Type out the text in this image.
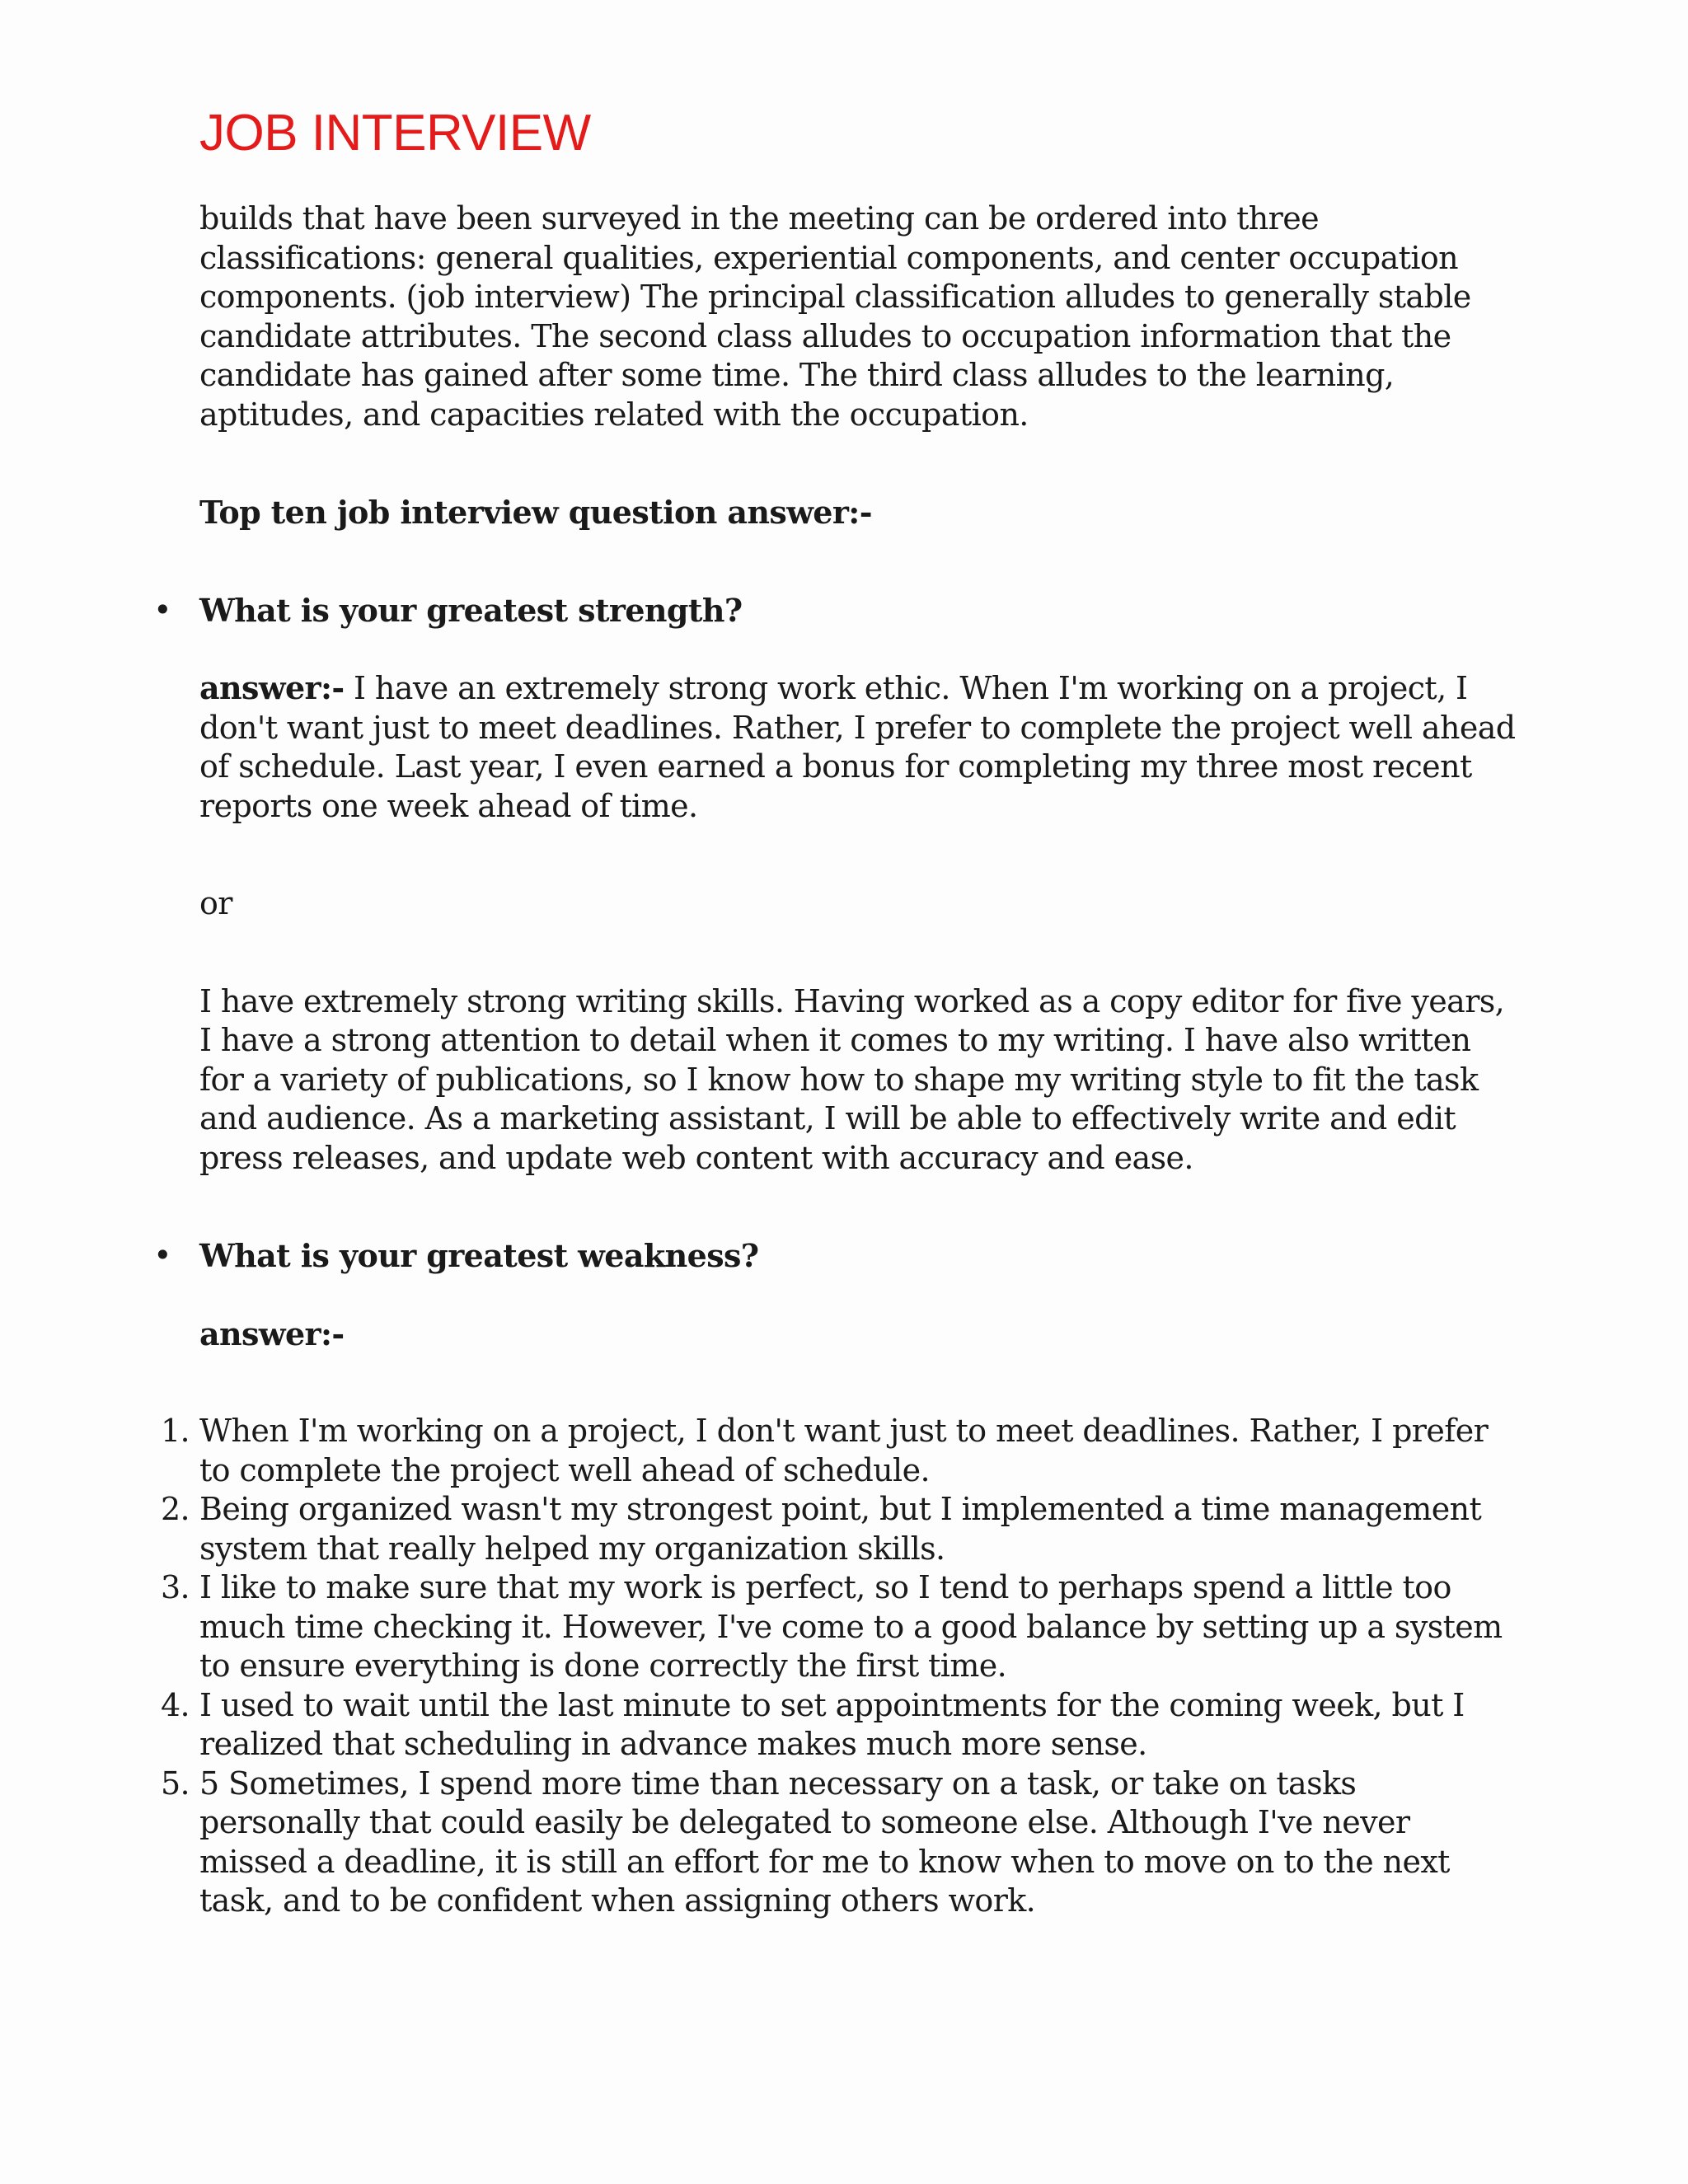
JOB INTERVIEW

builds that have been surveyed in the meeting can be ordered into three classifications: general qualities, experiential components, and center occupation components. (job interview) The principal classification alludes to generally stable candidate attributes. The second class alludes to occupation information that the candidate has gained after some time. The third class alludes to the learning, aptitudes, and capacities related with the occupation.

Top ten job interview question answer:-

• What is your greatest strength?

answer:- I have an extremely strong work ethic. When I'm working on a project, I don't want just to meet deadlines. Rather, I prefer to complete the project well ahead of schedule. Last year, I even earned a bonus for completing my three most recent reports one week ahead of time.

or

I have extremely strong writing skills. Having worked as a copy editor for five years, I have a strong attention to detail when it comes to my writing. I have also written for a variety of publications, so I know how to shape my writing style to fit the task and audience. As a marketing assistant, I will be able to effectively write and edit press releases, and update web content with accuracy and ease.

• What is your greatest weakness?

answer:-

1. When I'm working on a project, I don't want just to meet deadlines. Rather, I prefer to complete the project well ahead of schedule.
2. Being organized wasn't my strongest point, but I implemented a time management system that really helped my organization skills.
3. I like to make sure that my work is perfect, so I tend to perhaps spend a little too much time checking it. However, I've come to a good balance by setting up a system to ensure everything is done correctly the first time.
4. I used to wait until the last minute to set appointments for the coming week, but I realized that scheduling in advance makes much more sense.
5. 5 Sometimes, I spend more time than necessary on a task, or take on tasks personally that could easily be delegated to someone else. Although I've never missed a deadline, it is still an effort for me to know when to move on to the next task, and to be confident when assigning others work.
